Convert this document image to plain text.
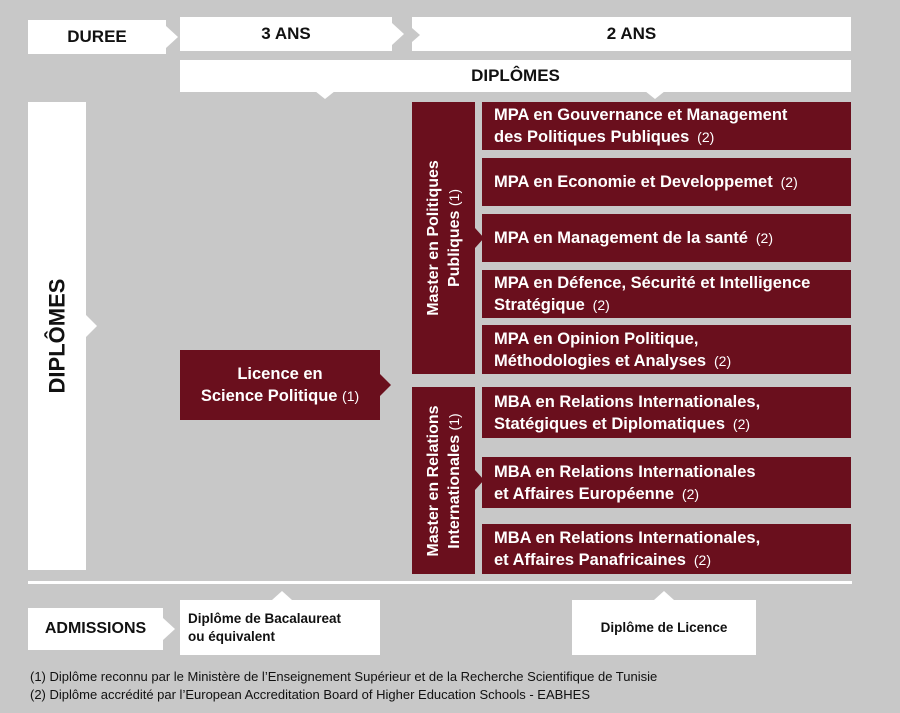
DUREE	3 ANS	2 ANS
DIPLÔMES
DIPLÔMES	Licence en
Science Politique (1)
Master en Politiques Publiques (1)
Master en Relations Internationales (1)
MPA en Gouvernance et Management
des Politiques Publiques (2)
MPA en Economie et Developpemet (2)
MPA en Management de la santé (2)
MPA en Défence, Sécurité et Intelligence
Stratégique (2)
MPA en Opinion Politique,
Méthodologies et Analyses (2)
MBA en Relations Internationales,
Statégiques et Diplomatiques (2)
MBA en Relations Internationales
et Affaires Européenne (2)
MBA en Relations Internationales,
et Affaires Panafricaines (2)
ADMISSIONS
Diplôme de Bacalaureat
ou équivalent
Diplôme de Licence
(1) Diplôme reconnu par le Ministère de l’Enseignement Supérieur et de la Recherche Scientifique de Tunisie
(2) Diplôme accrédité par l’European Accreditation Board of Higher Education Schools - EABHES
